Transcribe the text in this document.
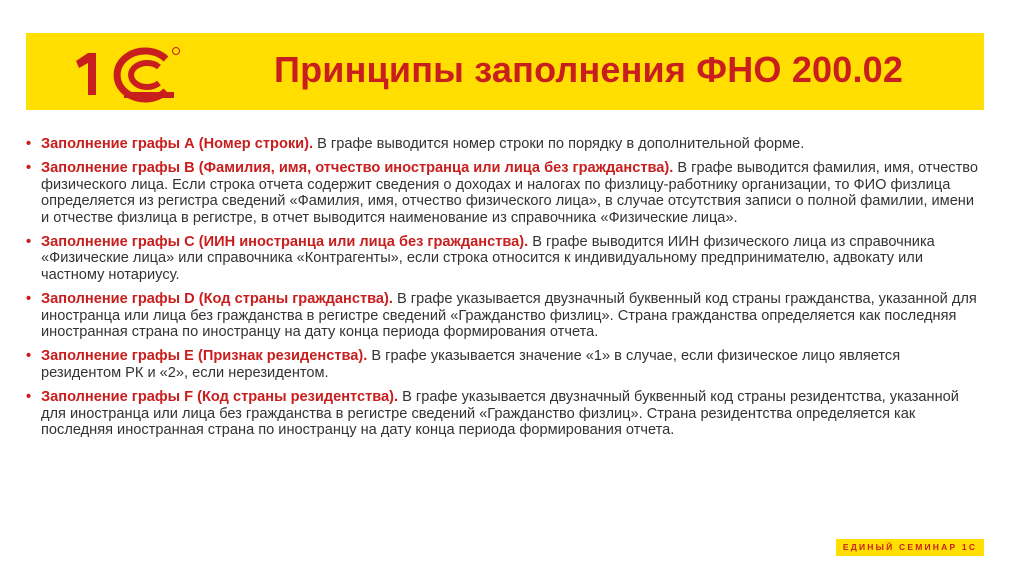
Принципы заполнения ФНО 200.02
• Заполнение графы А (Номер строки). В графе выводится номер строки по порядку в дополнительной форме.
• Заполнение графы В (Фамилия, имя, отчество иностранца или лица без гражданства). В графе выводится фамилия, имя, отчество физического лица. Если строка отчета содержит сведения о доходах и налогах по физлицу-работнику организации, то ФИО физлица определяется из регистра сведений «Фамилия, имя, отчество физического лица», в случае отсутствия записи о полной фамилии, имени и отчестве физлица в регистре, в отчет выводится наименование из справочника «Физические лица».
• Заполнение графы С (ИИН иностранца или лица без гражданства). В графе выводится ИИН физического лица из справочника «Физические лица» или справочника «Контрагенты», если строка относится к индивидуальному предпринимателю, адвокату или частному нотариусу.
• Заполнение графы D (Код страны гражданства). В графе указывается двузначный буквенный код страны гражданства, указанной для иностранца или лица без гражданства в регистре сведений «Гражданство физлиц». Страна гражданства определяется как последняя иностранная страна по иностранцу на дату конца периода формирования отчета.
• Заполнение графы Е (Признак резиденства). В графе указывается значение «1» в случае, если физическое лицо является резидентом РК и «2», если нерезидентом.
• Заполнение графы F (Код страны резидентства). В графе указывается двузначный буквенный код страны резидентства, указанной для иностранца или лица без гражданства в регистре сведений «Гражданство физлиц». Страна резидентства определяется как последняя иностранная страна по иностранцу на дату конца периода формирования отчета.
ЕДИНЫЙ СЕМИНАР 1С
